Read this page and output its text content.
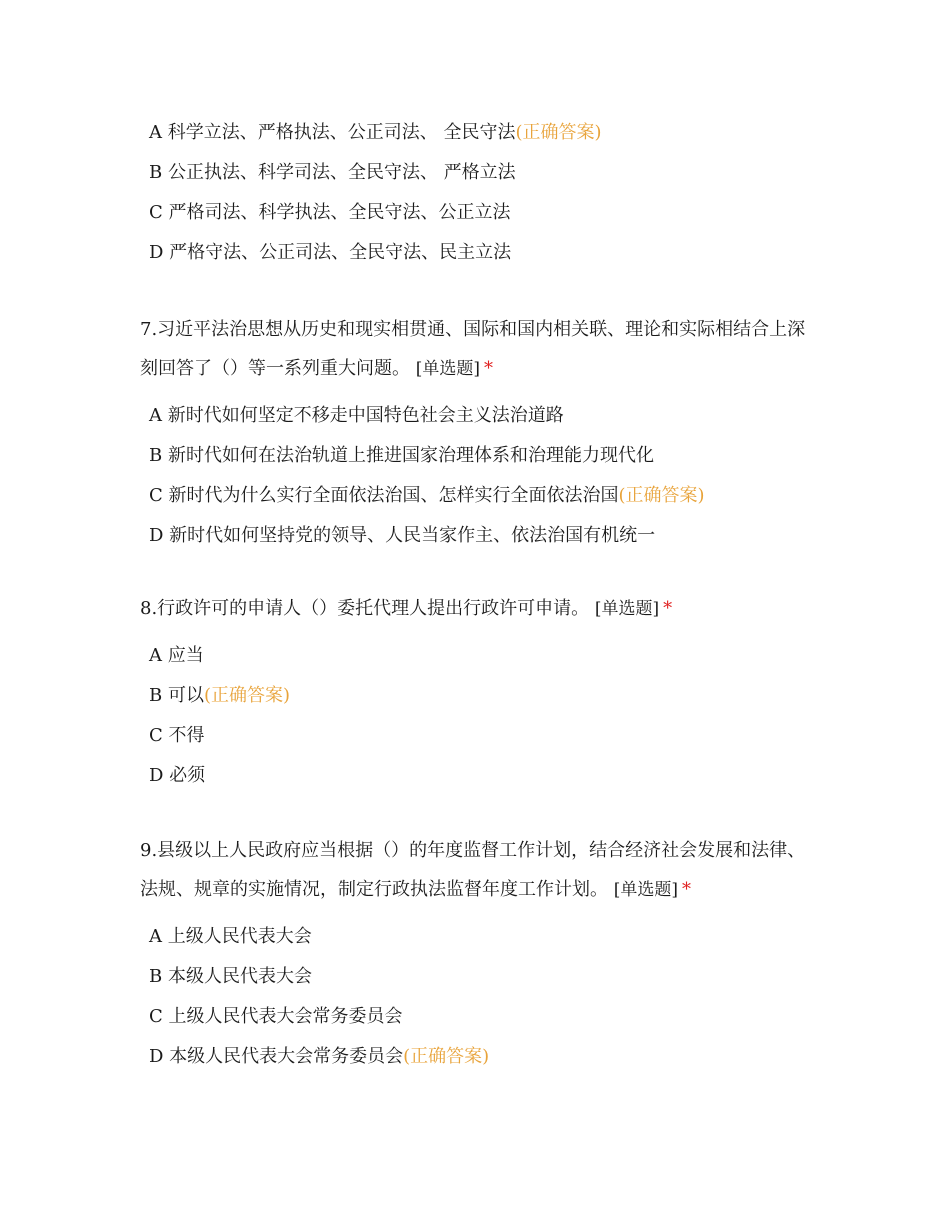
A 科学立法、严格执法、公正司法、 全民守法(正确答案)
B 公正执法、科学司法、全民守法、 严格立法
C 严格司法、科学执法、全民守法、公正立法
D 严格守法、公正司法、全民守法、民主立法
7.习近平法治思想从历史和现实相贯通、国际和国内相关联、理论和实际相结合上深刻回答了（）等一系列重大问题。 [单选题] *
A 新时代如何坚定不移走中国特色社会主义法治道路
B 新时代如何在法治轨道上推进国家治理体系和治理能力现代化
C 新时代为什么实行全面依法治国、怎样实行全面依法治国(正确答案)
D 新时代如何坚持党的领导、人民当家作主、依法治国有机统一
8.行政许可的申请人（）委托代理人提出行政许可申请。 [单选题] *
A 应当
B 可以(正确答案)
C 不得
D 必须
9.县级以上人民政府应当根据（）的年度监督工作计划，结合经济社会发展和法律、法规、规章的实施情况，制定行政执法监督年度工作计划。 [单选题] *
A 上级人民代表大会
B 本级人民代表大会
C 上级人民代表大会常务委员会
D 本级人民代表大会常务委员会(正确答案)
